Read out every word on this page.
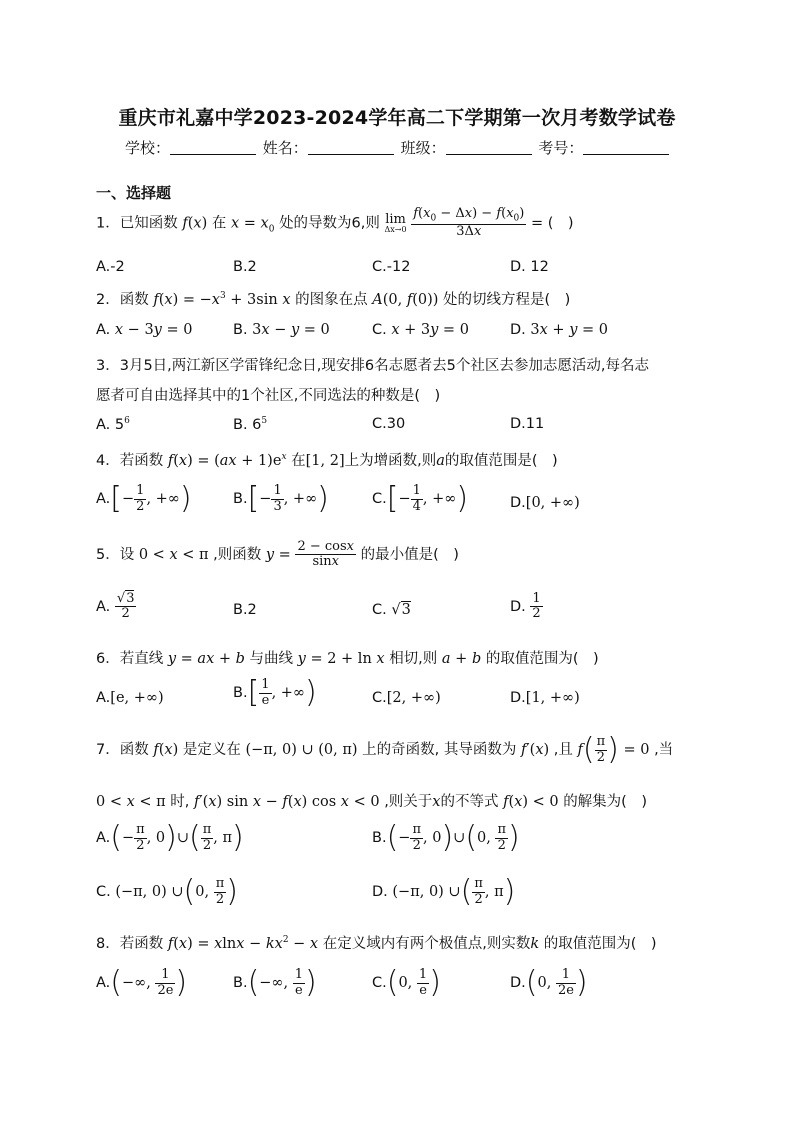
重庆市礼嘉中学2023-2024学年高二下学期第一次月考数学试卷
学校：	姓名：	班级：	考号：
一、选择题
1．已知函数 f(x) 在 $x = x_0$ 处的导数为6,则 lim
Δx→0
$\frac{f(x_0 - \Delta x) - f(x_0)}{3\Delta x}$ = (　)
A.-2	B.2	C.-12	D. 12
2．函数 $f(x) = -x^3 + 3\sin$ x 的图象在点 A(0, f(0)) 处的切线方程是(　)
A. x − 3y = 0	B. 3x − y = 0	C. x + 3y = 0	D. 3x + y = 0
3．3月5日,两江新区学雷锋纪念日,现安排6名志愿者去5个社区去参加志愿活动,每名志
愿者可自由选择其中的1个社区,不同选法的种数是(　)
A. $5^6$	B. $6^5$	C.30	D.11
4．若函数 $f(x) = (ax + 1)e^x$ 在[1, 2]上为增函数,则a的取值范围是(　)
$A.[- \frac{1}{2}$ , +∞)	$B.[- \frac{1}{3}$ , +∞)	$C.[- \frac{1}{4}$ , +∞)	D.[0, +∞)
5．设 0 < x < π ,则函数 $y = \frac{2 - \cos x}{\sin x}$ 的最小值是(　)
A. $\frac{√3}{2}$	B.2	C. √3	D. $\frac{1}{2}$
6．若直线 y = ax + b 与曲线 y = 2 + ln x 相切,则 a + b 的取值范围为(　)
A.[e, +∞)	$B.[ \frac{1}{e}$ , +∞)	C.[2, +∞)	D.[1, +∞)
7．函数 f(x) 是定义在 (−π, 0) ∪ (0, π) 上的奇函数, 其导函数为 f′(x) ,且 $f( \frac{\pi}{2}$ ) = 0 ,当
0 < x < π 时, f′(x) sin x − f(x) cos x < 0 ,则关于x的不等式 f(x) < 0 的解集为(　)
$A.(- \frac{\pi}{2}$ , 0)∪( $\frac{\pi}{2}$ , π)	$B.(- \frac{\pi}{2}$ , 0)∪(0, $\frac{\pi}{2}$ )
C. (−π, 0) ∪(0, $\frac{\pi}{2}$ )	D. (−π, 0) ∪( $\frac{\pi}{2}$ , π)
8．若函数 $f(x) = xlnx - kx^2 - x$ 在定义域内有两个极值点,则实数k 的取值范围为(　)
A.(−∞, $\frac{1}{2e}$ )	B.(−∞, $\frac{1}{e}$ )	C.(0, $\frac{1}{e}$ )	D.(0, $\frac{1}{2e}$ )
